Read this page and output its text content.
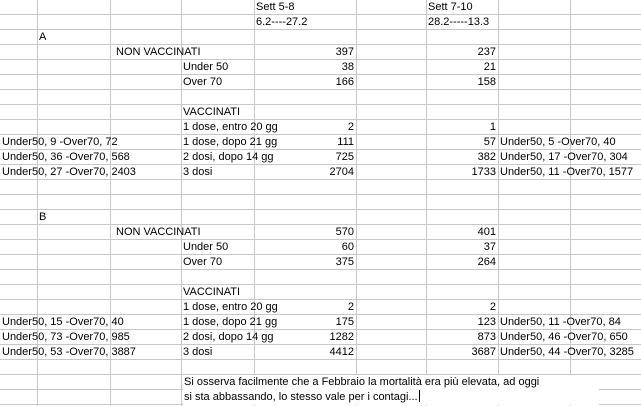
Sett 5-8	Sett 7-10
6.2----27.2	28.2-----13.3
A
NON VACCINATI	397	237
Under 50	38	21
Over 70	166	158
VACCINATI
1 dose, entro 20 gg	2	1
Under50, 9 -Over70, 72	1 dose, dopo 21 gg	111	57 Under50, 5 -Over70, 40
Under50, 36 -Over70, 568	2 dosi, dopo 14 gg	725	382 Under50, 17 -Over70, 304
Under50, 27 -Over70, 2403	3 dosi	2704	1733 Under50, 11 -Over70, 1577
B
NON VACCINATI	570	401
Under 50	60	37
Over 70	375	264
VACCINATI
1 dose, entro 20 gg	2	2
Under50, 15 -Over70, 40	1 dose, dopo 21 gg	175	123 Under50, 11 -Over70, 84
Under50, 73 -Over70, 985	2 dosi, dopo 14 gg	1282	873 Under50, 46 -Over70, 650
Under50, 53 -Over70, 3887	3 dosi	4412	3687 Under50, 44 -Over70, 3285
Si osserva facilmente che a Febbraio la mortalità era più elevata, ad oggi
si sta abbassando, lo stesso vale per i contagi...
